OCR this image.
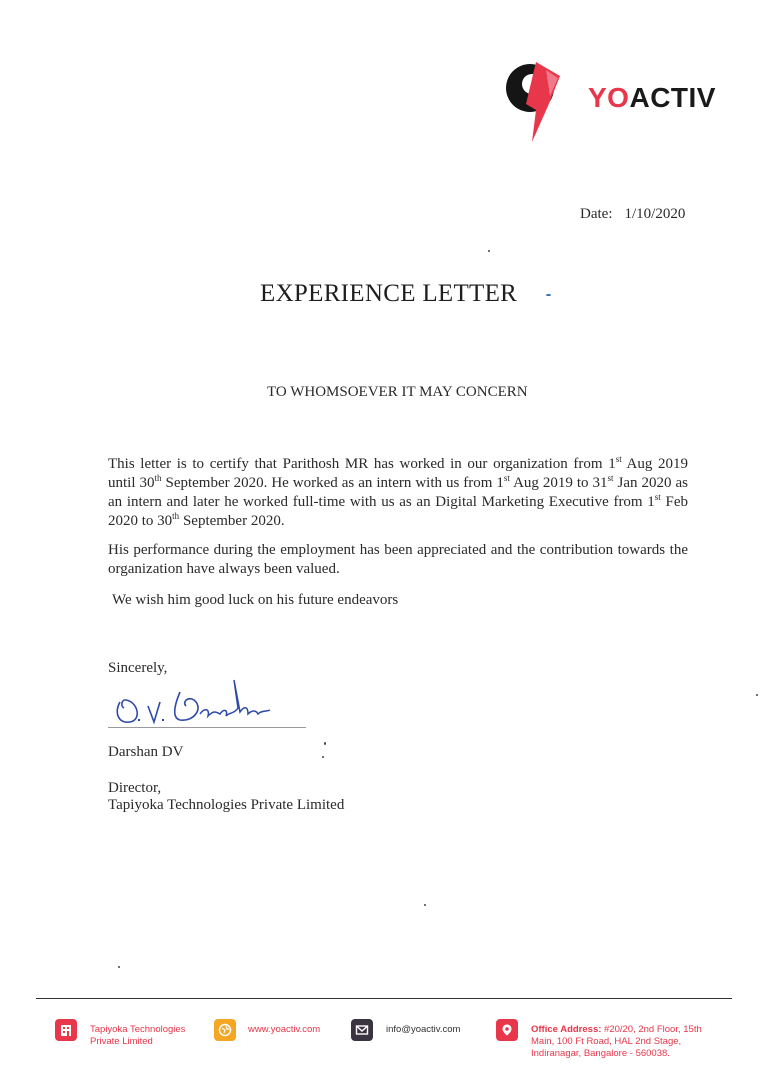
YOACTIV
Date: 1/10/2020
EXPERIENCE LETTER
TO WHOMSOEVER IT MAY CONCERN

This letter is to certify that Parithosh MR has worked in our organization from 1st Aug 2019 until 30th September 2020. He worked as an intern with us from 1st Aug 2019 to 31st Jan 2020 as an intern and later he worked full-time with us as an Digital Marketing Executive from 1st Feb 2020 to 30th September 2020.

His performance during the employment has been appreciated and the contribution towards the organization have always been valued.

We wish him good luck on his future endeavors
Sincerely,
Darshan DV
Director,
Tapiyoka Technologies Private Limited
Tapiyoka Technologies
Private Limited
www.yoactiv.com	info@yoactiv.com	Office Address: #20/20, 2nd Floor, 15th
Main, 100 Ft Road, HAL 2nd Stage,
Indiranagar, Bangalore - 560038.
